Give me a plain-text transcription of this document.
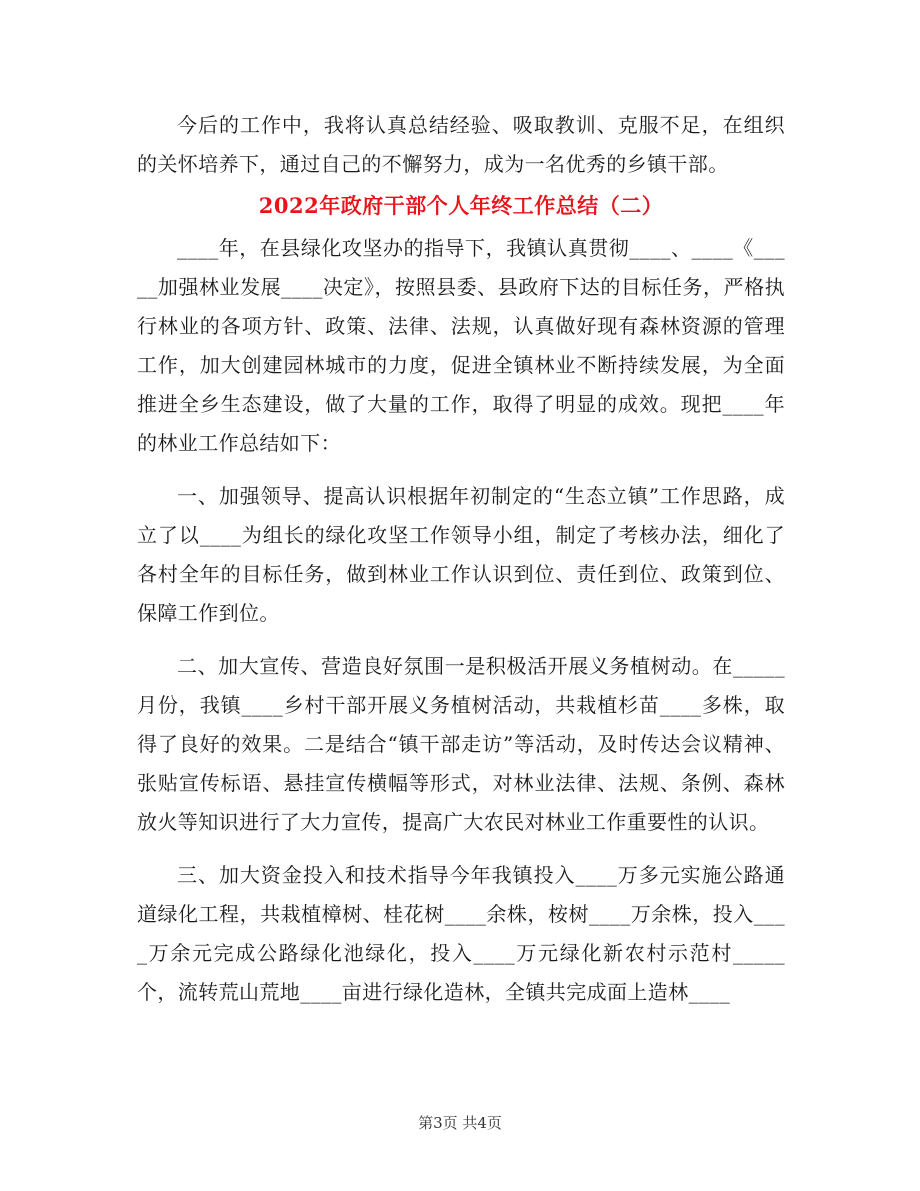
今后的工作中，我将认真总结经验、吸取教训、克服不足，在组织的关怀培养下，通过自己的不懈努力，成为一名优秀的乡镇干部。

2022年政府干部个人年终工作总结（二）

____年，在县绿化攻坚办的指导下，我镇认真贯彻____、____《_____加强林业发展____决定》，按照县委、县政府下达的目标任务，严格执行林业的各项方针、政策、法律、法规，认真做好现有森林资源的管理工作，加大创建园林城市的力度，促进全镇林业不断持续发展，为全面推进全乡生态建设，做了大量的工作，取得了明显的成效。现把____年的林业工作总结如下：

一、加强领导、提高认识根据年初制定的“生态立镇”工作思路，成立了以____为组长的绿化攻坚工作领导小组，制定了考核办法，细化了各村全年的目标任务，做到林业工作认识到位、责任到位、政策到位、保障工作到位。

二、加大宣传、营造良好氛围一是积极活开展义务植树动。在_____月份，我镇____乡村干部开展义务植树活动，共栽植杉苗____多株，取得了良好的效果。二是结合“镇干部走访”等活动，及时传达会议精神、张贴宣传标语、悬挂宣传横幅等形式，对林业法律、法规、条例、森林放火等知识进行了大力宣传，提高广大农民对林业工作重要性的认识。

三、加大资金投入和技术指导今年我镇投入____万多元实施公路通道绿化工程，共栽植樟树、桂花树____余株，桉树____万余株，投入____万余元完成公路绿化池绿化，投入____万元绿化新农村示范村_____个，流转荒山荒地____亩进行绿化造林，全镇共完成面上造林____

第3页 共4页
